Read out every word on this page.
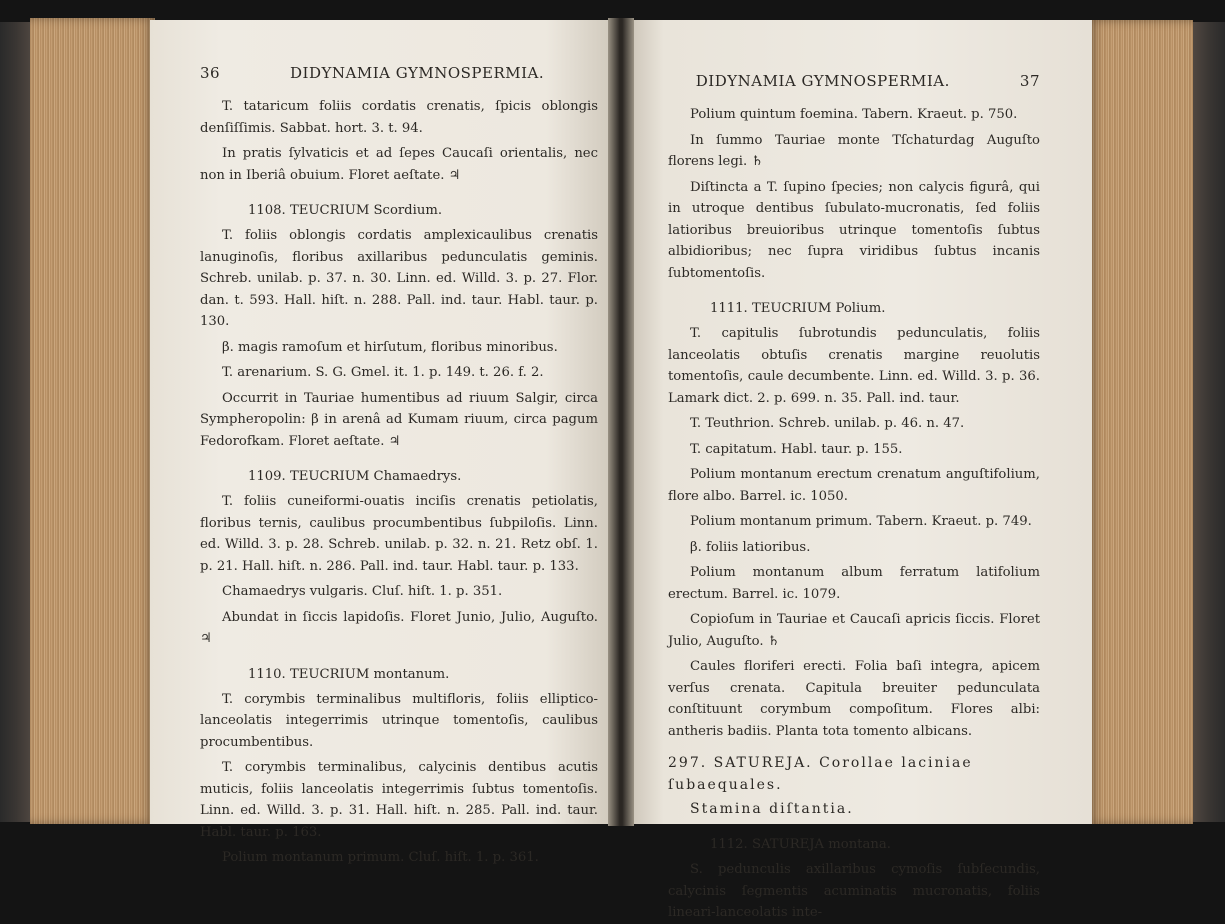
36	DIDYNAMIA GYMNOSPERMIA.
T. tataricum foliis cordatis crenatis, ſpicis oblongis denſiſſimis. Sabbat. hort. 3. t. 94.
In pratis ſylvaticis et ad ſepes Caucaſi orientalis, nec non in Iberiâ obuium. Floret aeſtate. ♃
1108. TEUCRIUM Scordium.
T. foliis oblongis cordatis amplexicaulibus crenatis lanuginoſis, floribus axillaribus pedunculatis geminis. Schreb. unilab. p. 37. n. 30. Linn. ed. Willd. 3. p. 27. Flor. dan. t. 593. Hall. hiſt. n. 288. Pall. ind. taur. Habl. taur. p. 130.
β. magis ramoſum et hirſutum, floribus minoribus.
T. arenarium. S. G. Gmel. it. 1. p. 149. t. 26. f. 2.
Occurrit in Tauriae humentibus ad riuum Salgir, circa Sympheropolin: β in arenâ ad Kumam riuum, circa pagum Fedorofkam. Floret aeſtate. ♃
1109. TEUCRIUM Chamaedrys.
T. foliis cuneiformi-ouatis inciſis crenatis petiolatis, floribus ternis, caulibus procumbentibus ſubpiloſis. Linn. ed. Willd. 3. p. 28. Schreb. unilab. p. 32. n. 21. Retz obſ. 1. p. 21. Hall. hiſt. n. 286. Pall. ind. taur. Habl. taur. p. 133.
Chamaedrys vulgaris. Cluſ. hiſt. 1. p. 351.
Abundat in ſiccis lapidoſis. Floret Junio, Julio, Auguſto. ♃
1110. TEUCRIUM montanum.
T. corymbis terminalibus multifloris, foliis elliptico-lanceolatis integerrimis utrinque tomentoſis, caulibus procumbentibus.
T. corymbis terminalibus, calycinis dentibus acutis muticis, foliis lanceolatis integerrimis ſubtus tomentoſis. Linn. ed. Willd. 3. p. 31. Hall. hiſt. n. 285. Pall. ind. taur. Habl. taur. p. 163.
Polium montanum primum. Cluſ. hiſt. 1. p. 361.
DIDYNAMIA GYMNOSPERMIA.	37
Polium quintum foemina. Tabern. Kraeut. p. 750.
In ſummo Tauriae monte Tſchaturdag Auguſto florens legi. ♄
Diſtincta a T. ſupino ſpecies; non calycis figurâ, qui in utroque dentibus ſubulato-mucronatis, ſed foliis latioribus breuioribus utrinque tomentoſis ſubtus albidioribus; nec ſupra viridibus ſubtus incanis ſubtomentoſis.
1111. TEUCRIUM Polium.
T. capitulis ſubrotundis pedunculatis, foliis lanceolatis obtuſis crenatis margine reuolutis tomentoſis, caule decumbente. Linn. ed. Willd. 3. p. 36. Lamark dict. 2. p. 699. n. 35. Pall. ind. taur.
T. Teuthrion. Schreb. unilab. p. 46. n. 47.
T. capitatum. Habl. taur. p. 155.
Polium montanum erectum crenatum anguſtifolium, flore albo. Barrel. ic. 1050.
Polium montanum primum. Tabern. Kraeut. p. 749.
β. foliis latioribus.
Polium montanum album ferratum latifolium erectum. Barrel. ic. 1079.
Copioſum in Tauriae et Caucaſi apricis ſiccis. Floret Julio, Auguſto. ♄
Caules floriferi erecti. Folia baſi integra, apicem verſus crenata. Capitula breuiter pedunculata conſtituunt corymbum compoſitum. Flores albi: antheris badiis. Planta tota tomento albicans.
297. SATUREJA. Corollae laciniae ſubaequales.
Stamina diſtantia.
1112. SATUREJA montana.
S. pedunculis axillaribus cymoſis ſubſecundis, calycinis ſegmentis acuminatis mucronatis, foliis lineari-lanceolatis inte-
